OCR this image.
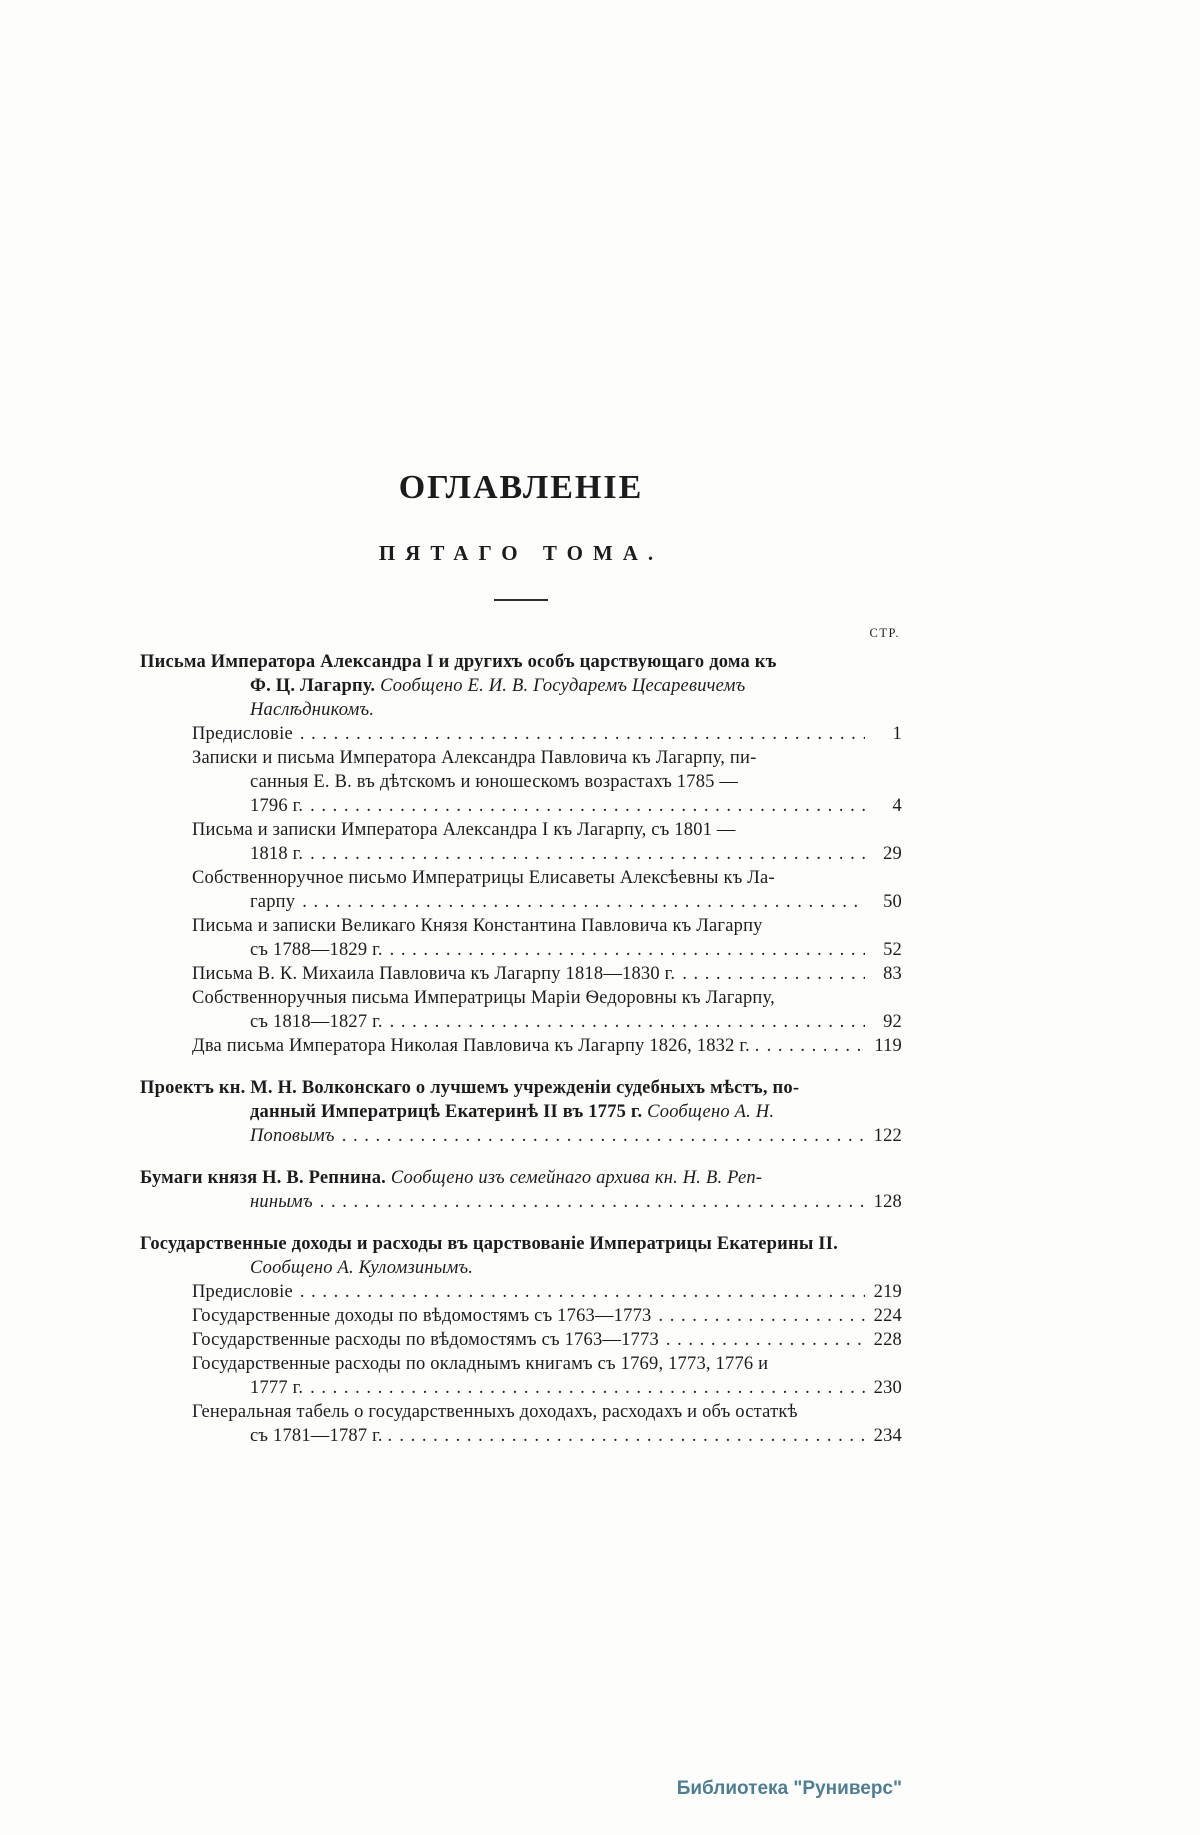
ОГЛАВЛЕНІЕ
ПЯТАГО ТОМА.
СТР.
Письма Императора Александра I и другихъ особъ царствующаго дома къ
Ф. Ц. Лагарпу. Сообщено Е. И. В. Государемъ Цесаревичемъ
Наслѣдникомъ.
Предисловіе . . .	1
Записки и письма Императора Александра Павловича къ Лагарпу, пи-
санныя Е. В. въ дѣтскомъ и юношескомъ возрастахъ 1785 —
1796 г. . . .	4
Письма и записки Императора Александра I къ Лагарпу, съ 1801 —
1818 г. . . .	29
Собственноручное письмо Императрицы Елисаветы Алексѣевны къ Ла-
гарпу . . .	50
Письма и записки Великаго Князя Константина Павловича къ Лагарпу
съ 1788—1829 г. . . .	52
Письма В. К. Михаила Павловича къ Лагарпу 1818—1830 г. . . .	83
Собственноручныя письма Императрицы Маріи Ѳедоровны къ Лагарпу,
съ 1818—1827 г. . . .	92
Два письма Императора Николая Павловича къ Лагарпу 1826, 1832 г. . . . .	119
Проектъ кн. М. Н. Волконскаго о лучшемъ учрежденіи судебныхъ мѣстъ, по-
данный Императрицѣ Екатеринѣ II въ 1775 г. Сообщено А. Н.
Поповымъ . . .	122
Бумаги князя Н. В. Репнина. Сообщено изъ семейнаго архива кн. Н. В. Реп-
нинымъ . . .	128
Государственные доходы и расходы въ царствованіе Императрицы Екатерины II.
Сообщено А. Куломзинымъ.
Предисловіе . . .	219
Государственные доходы по вѣдомостямъ съ 1763—1773 . . .	224
Государственные расходы по вѣдомостямъ съ 1763—1773 . . .	228
Государственные расходы по окладнымъ книгамъ съ 1769, 1773, 1776 и
1777 г. . . .	230
Генеральная табель о государственныхъ доходахъ, расходахъ и объ остаткѣ
съ 1781—1787 г. . . . .	234
Библиотека "Руниверс"
